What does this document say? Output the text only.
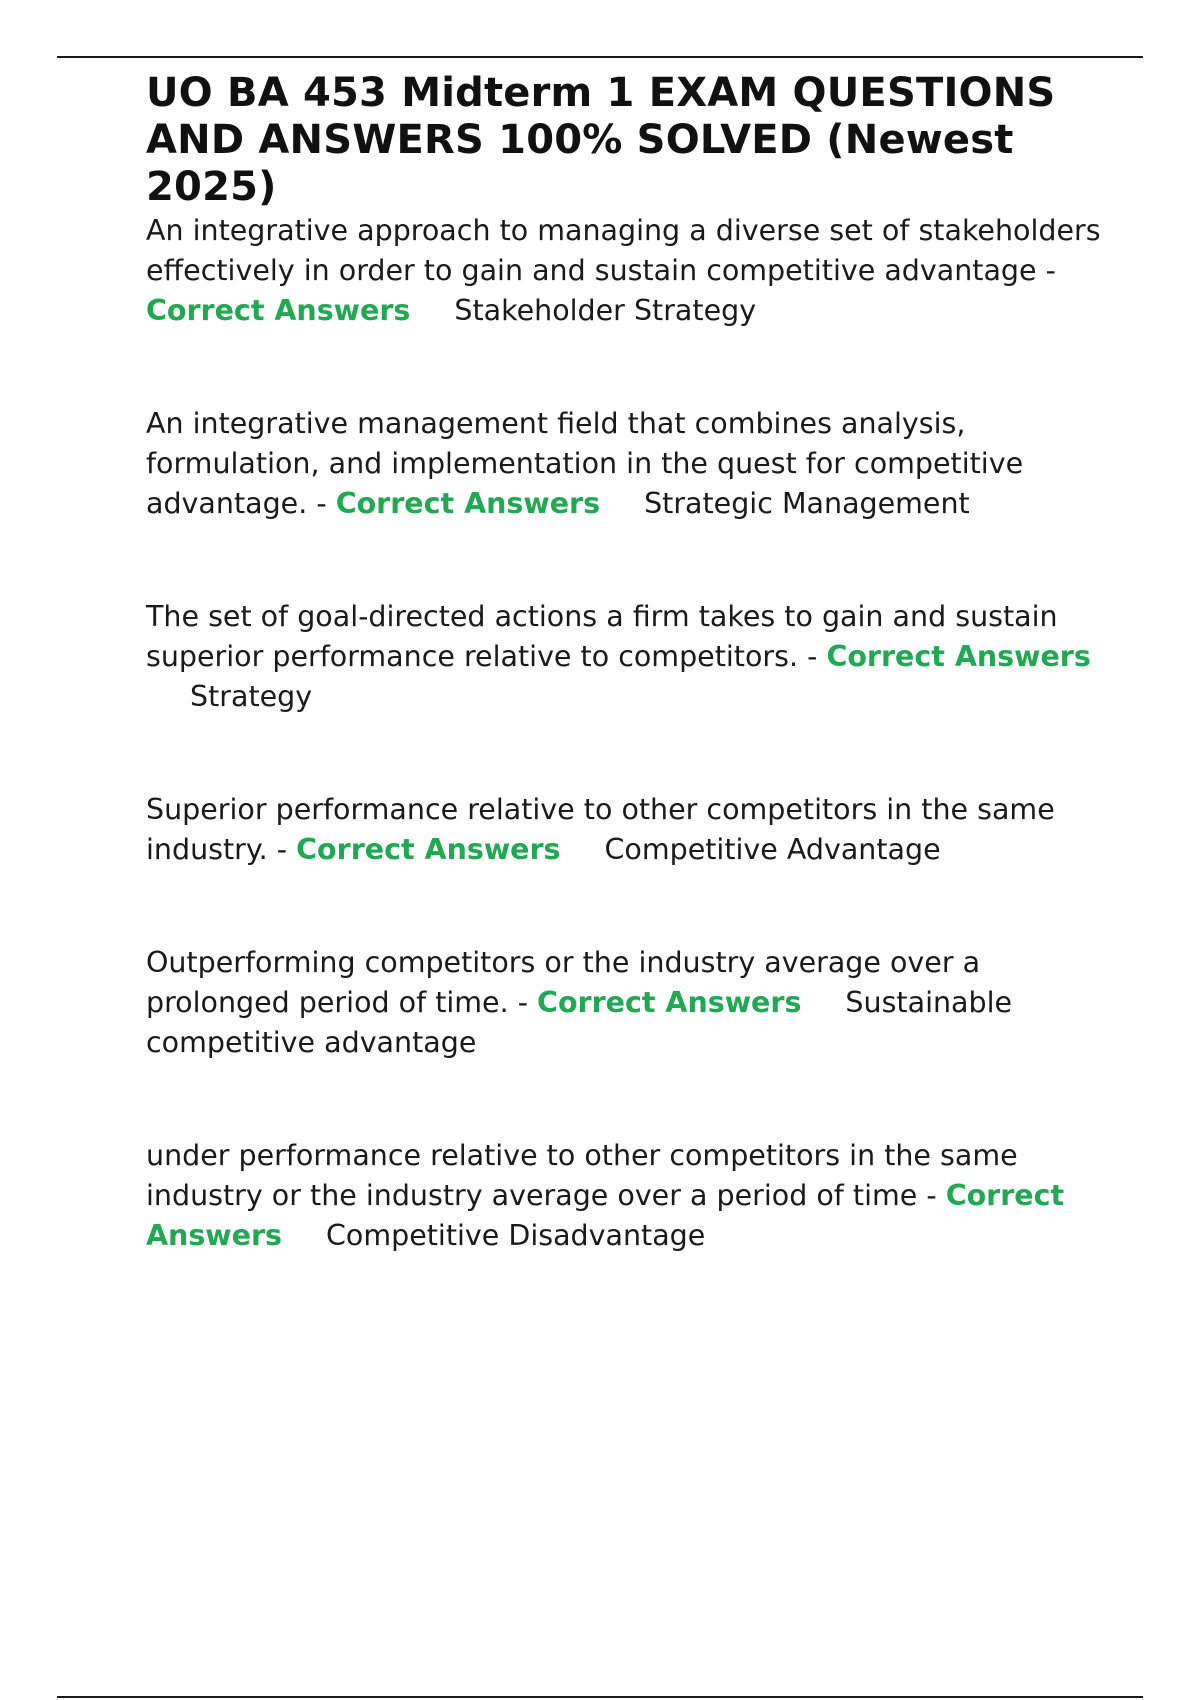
UO BA 453 Midterm 1 EXAM QUESTIONS AND ANSWERS 100% SOLVED (Newest 2025)

An integrative approach to managing a diverse set of stakeholders effectively in order to gain and sustain competitive advantage - Correct Answers Stakeholder Strategy

An integrative management field that combines analysis, formulation, and implementation in the quest for competitive advantage. - Correct Answers Strategic Management

The set of goal-directed actions a firm takes to gain and sustain superior performance relative to competitors. - Correct AnswersStrategy

Superior performance relative to other competitors in the same industry. - Correct Answers Competitive Advantage

Outperforming competitors or the industry average over a prolonged period of time. - Correct Answers Sustainable competitive advantage

under performance relative to other competitors in the same industry or the industry average over a period of time - Correct Answers Competitive Disadvantage
